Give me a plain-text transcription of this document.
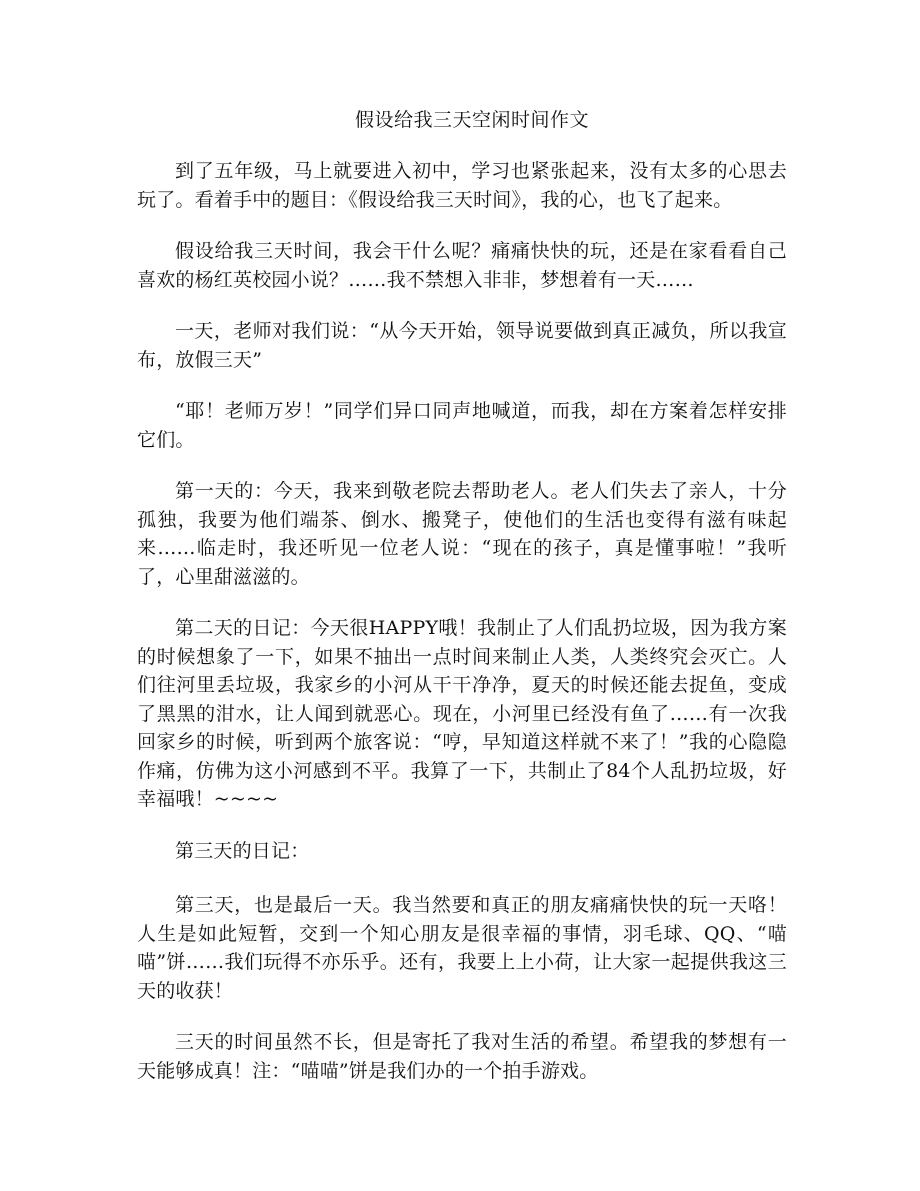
假设给我三天空闲时间作文

到了五年级，马上就要进入初中，学习也紧张起来，没有太多的心思去玩了。看着手中的题目：《假设给我三天时间》，我的心，也飞了起来。

假设给我三天时间，我会干什么呢？痛痛快快的玩，还是在家看看自己喜欢的杨红英校园小说？……我不禁想入非非，梦想着有一天……

一天，老师对我们说：“从今天开始，领导说要做到真正减负，所以我宣布，放假三天”

“耶！老师万岁！”同学们异口同声地喊道，而我，却在方案着怎样安排它们。

第一天的：今天，我来到敬老院去帮助老人。老人们失去了亲人，十分孤独，我要为他们端茶、倒水、搬凳子，使他们的生活也变得有滋有味起来……临走时，我还听见一位老人说：“现在的孩子，真是懂事啦！”我听了，心里甜滋滋的。

第二天的日记：今天很HAPPY哦！我制止了人们乱扔垃圾，因为我方案的时候想象了一下，如果不抽出一点时间来制止人类，人类终究会灭亡。人们往河里丢垃圾，我家乡的小河从干干净净，夏天的时候还能去捉鱼，变成了黑黑的泔水，让人闻到就恶心。现在，小河里已经没有鱼了……有一次我回家乡的时候，听到两个旅客说：“哼，早知道这样就不来了！”我的心隐隐作痛，仿佛为这小河感到不平。我算了一下，共制止了84个人乱扔垃圾，好幸福哦！~~~~

第三天的日记：

第三天，也是最后一天。我当然要和真正的朋友痛痛快快的玩一天咯！人生是如此短暂，交到一个知心朋友是很幸福的事情，羽毛球、QQ、“喵喵”饼……我们玩得不亦乐乎。还有，我要上上小荷，让大家一起提供我这三天的收获！

三天的时间虽然不长，但是寄托了我对生活的希望。希望我的梦想有一天能够成真！注：“喵喵”饼是我们办的一个拍手游戏。
